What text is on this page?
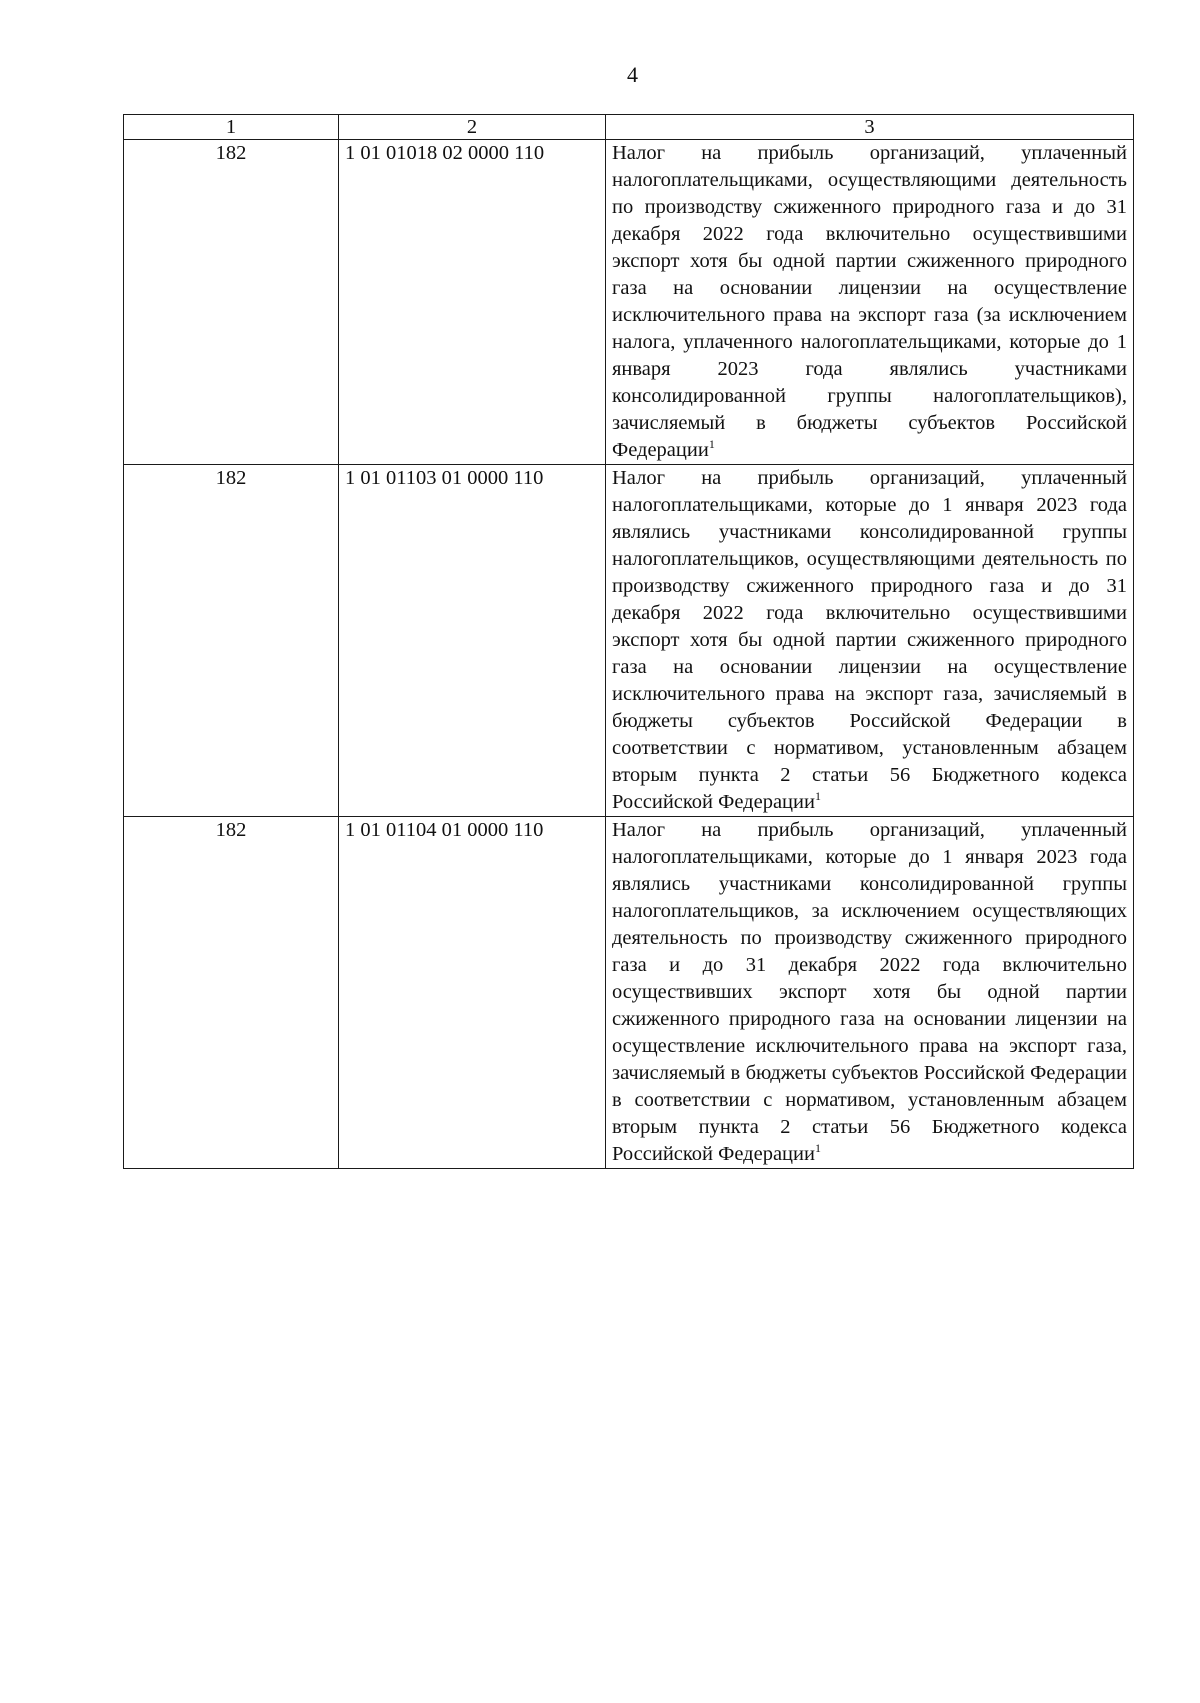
4
1	2	3
182	1 01 01018 02 0000 110	Налог на прибыль организаций, уплаченный налогоплательщиками, осуществляющими деятельность по производству сжиженного природного газа и до 31 декабря 2022 года включительно осуществившими экспорт хотя бы одной партии сжиженного природного газа на основании лицензии на осуществление исключительного права на экспорт газа (за исключением налога, уплаченного налогоплательщиками, которые до 1 января 2023 года являлись участниками консолидированной группы налогоплательщиков), зачисляемый в бюджеты субъектов Российской Федерации$^1$
182	1 01 01103 01 0000 110	Налог на прибыль организаций, уплаченный налогоплательщиками, которые до 1 января 2023 года являлись участниками консолидированной группы налогоплательщиков, осуществляющими деятельность по производству сжиженного природного газа и до 31 декабря 2022 года включительно осуществившими экспорт хотя бы одной партии сжиженного природного газа на основании лицензии на осуществление исключительного права на экспорт газа, зачисляемый в бюджеты субъектов Российской Федерации в соответствии с нормативом, установленным абзацем вторым пункта 2 статьи 56 Бюджетного кодекса Российской Федерации$^1$
182	1 01 01104 01 0000 110	Налог на прибыль организаций, уплаченный налогоплательщиками, которые до 1 января 2023 года являлись участниками консолидированной группы налогоплательщиков, за исключением осуществляющих деятельность по производству сжиженного природного газа и до 31 декабря 2022 года включительно осуществивших экспорт хотя бы одной партии сжиженного природного газа на основании лицензии на осуществление исключительного права на экспорт газа, зачисляемый в бюджеты субъектов Российской Федерации в соответствии с нормативом, установленным абзацем вторым пункта 2 статьи 56 Бюджетного кодекса Российской Федерации$^1$
